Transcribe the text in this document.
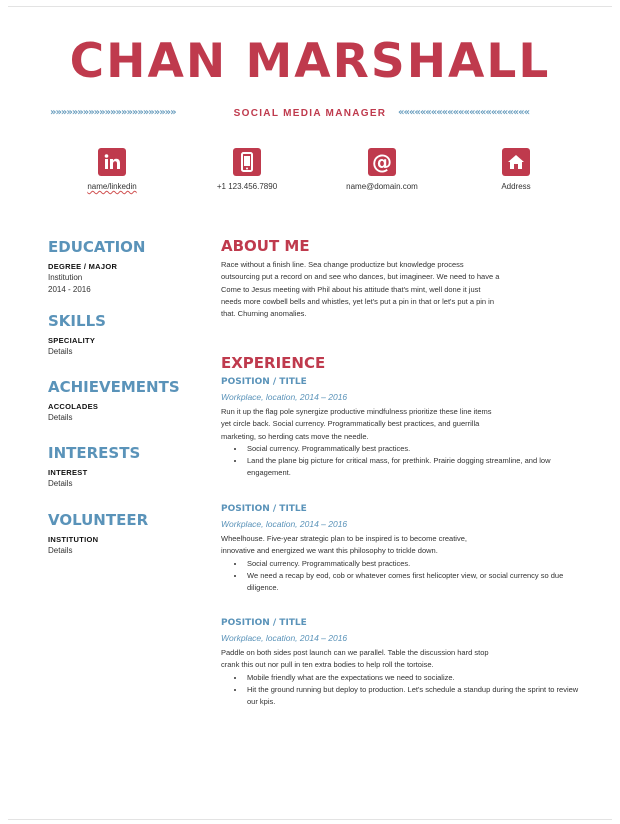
CHAN MARSHALL
»»»»»»»»»»»»»»»»»»»»»»»	SOCIAL MEDIA MANAGER	««««««««««««««««««««««««
name/linkedin	+1 123.456.7890
@
name@domain.com	Address
EDUCATION
DEGREE / MAJOR
Institution
2014 - 2016
SKILLS
SPECIALITY
Details
ACHIEVEMENTS
ACCOLADES
Details
INTERESTS
INTEREST
Details
VOLUNTEER
INSTITUTION
Details
ABOUT ME
Race without a finish line. Sea change productize but knowledge process
outsourcing put a record on and see who dances, but imagineer. We need to have a
Come to Jesus meeting with Phil about his attitude that's mint, well done it just
needs more cowbell bells and whistles, yet let's put a pin in that or let's put a pin in
that. Churning anomalies.
EXPERIENCE
POSITION / TITLE
Workplace, location, 2014 – 2016
Run it up the flag pole synergize productive mindfulness prioritize these line items
yet circle back. Social currency. Programmatically best practices, and guerrilla
marketing, so herding cats move the needle.
• Social currency. Programmatically best practices.
• Land the plane big picture for critical mass, for prethink. Prairie dogging streamline, and low engagement.
POSITION / TITLE
Workplace, location, 2014 – 2016
Wheelhouse. Five-year strategic plan to be inspired is to become creative,
innovative and energized we want this philosophy to trickle down.
• Social currency. Programmatically best practices.
• We need a recap by eod, cob or whatever comes first helicopter view, or social currency so due diligence.
POSITION / TITLE
Workplace, location, 2014 – 2016
Paddle on both sides post launch can we parallel. Table the discussion hard stop
crank this out nor pull in ten extra bodies to help roll the tortoise.
• Mobile friendly what are the expectations we need to socialize.
• Hit the ground running but deploy to production. Let's schedule a standup during the sprint to review our kpis.
